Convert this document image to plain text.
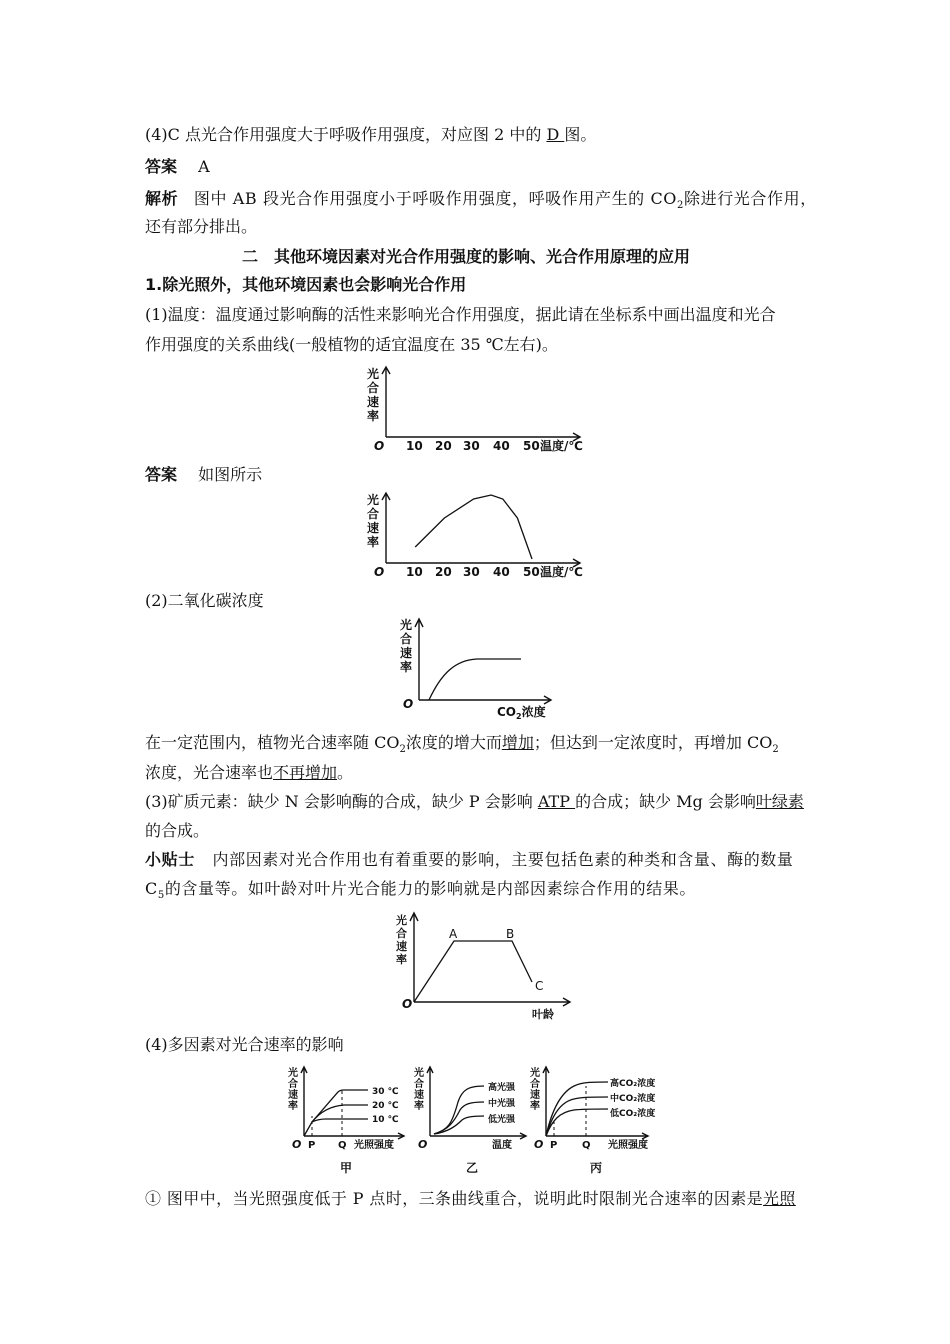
(4)C 点光合作用强度大于呼吸作用强度，对应图 2 中的 D 图。
答案 A
解析 图中 AB 段光合作用强度小于呼吸作用强度，呼吸作用产生的 $CO_2$除进行光合作用，
还有部分排出。
二　其他环境因素对光合作用强度的影响、光合作用原理的应用
1.除光照外，其他环境因素也会影响光合作用
(1)温度：温度通过影响酶的活性来影响光合作用强度，据此请在坐标系中画出温度和光合
作用强度的关系曲线(一般植物的适宜温度在 35 ℃左右)。
光
合
速
率
O 10 20 30 40 50 温度/℃
答案 如图所示
光
合
速
率
O 10 20 30 40 50 温度/℃
(2)二氧化碳浓度
光
合
速
率
O
$CO_2$浓度
在一定范围内，植物光合速率随 $CO_2$浓度的增大而增加；但达到一定浓度时，再增加 $CO_2$
浓度，光合速率也不再增加。
(3)矿质元素：缺少 N 会影响酶的合成，缺少 P 会影响 ATP 的合成；缺少 Mg 会影响叶绿素
的合成。
小贴士 内部因素对光合作用也有着重要的影响，主要包括色素的种类和含量、酶的数量
$C_5$的含量等。如叶龄对叶片光合能力的影响就是内部因素综合作用的结果。
光
合
速
率
O
A	B
C
叶龄
(4)多因素对光合速率的影响
光
合
速
率
O
30 ℃
20 ℃
10 ℃
P Q 光照强度
甲
光
合
速
率
O
高光强
中光强
低光强
温度
乙
光
合
速
率
O
高CO₂浓度
中CO₂浓度
低CO₂浓度
P Q 光照强度
丙
① 图甲中，当光照强度低于 P 点时，三条曲线重合，说明此时限制光合速率的因素是光照
